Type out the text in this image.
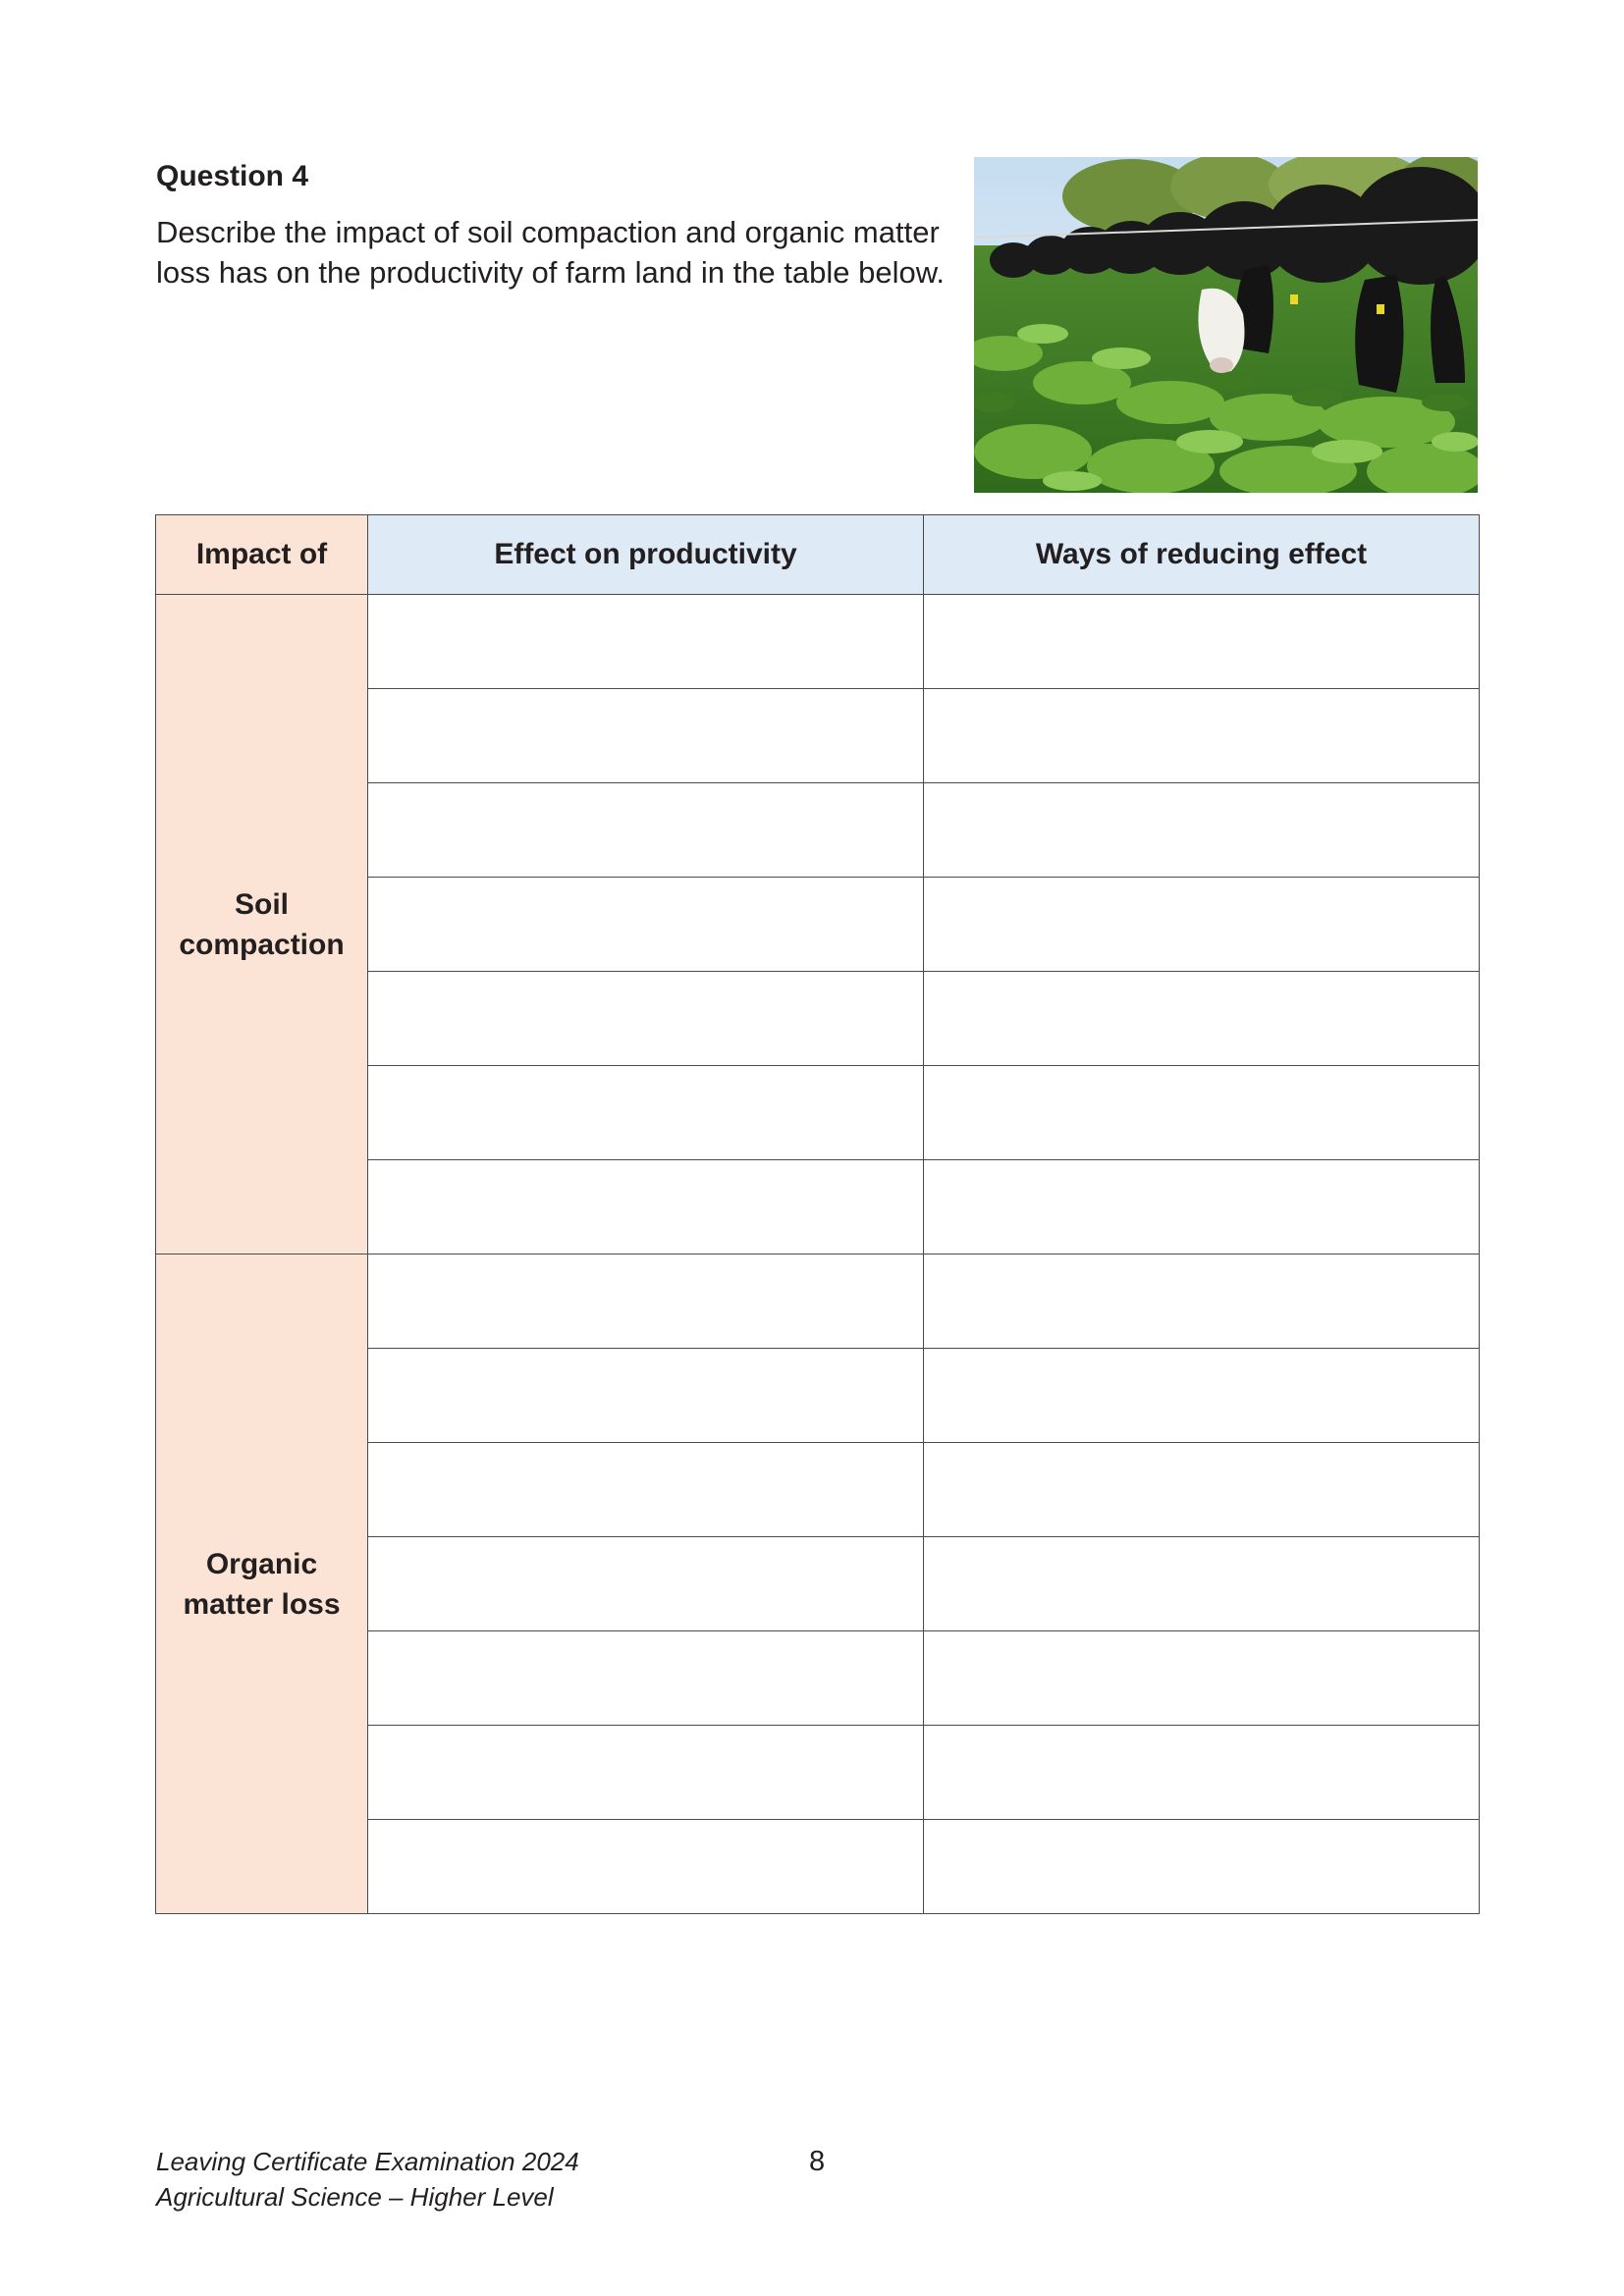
Question 4

Describe the impact of soil compaction and organic matter loss has on the productivity of farm land in the table below.

Impact of	Effect on productivity	Ways of reducing effect
Soil
compaction		

Organic
matter loss		

Leaving Certificate Examination 2024
Agricultural Science – Higher Level
8
